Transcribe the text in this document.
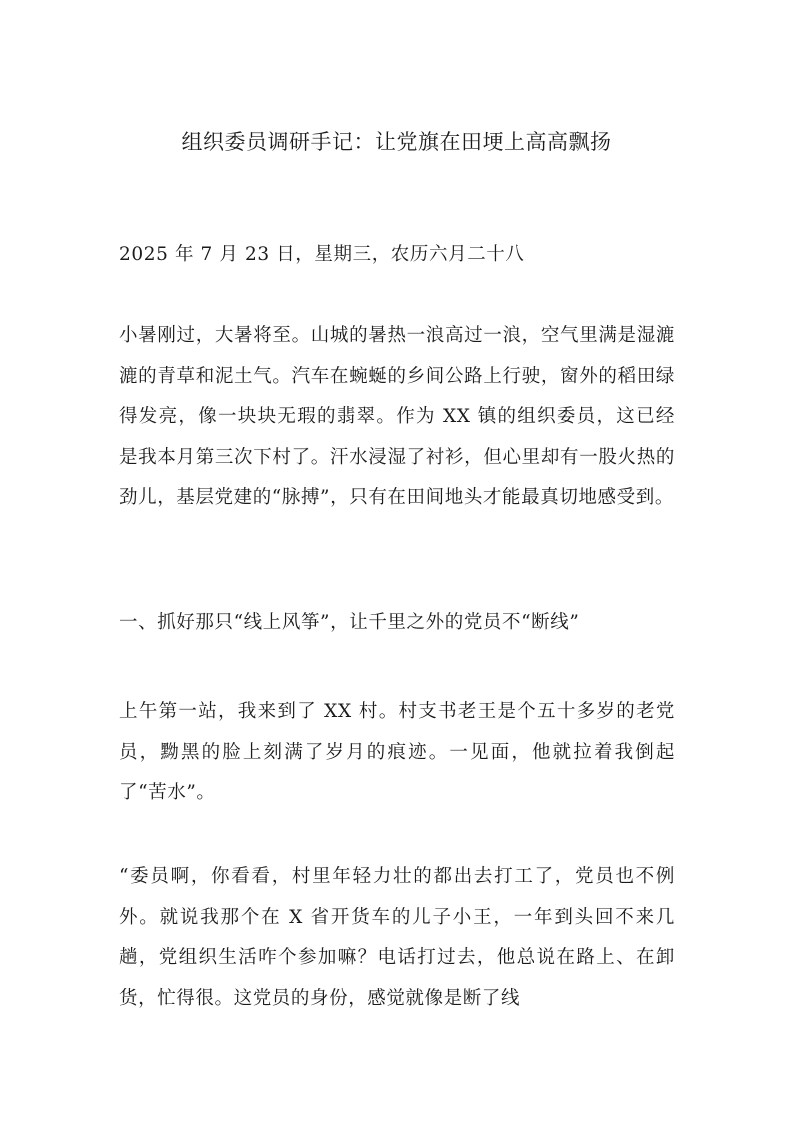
组织委员调研手记：让党旗在田埂上高高飘扬

2025 年 7 月 23 日，星期三，农历六月二十八

小暑刚过，大暑将至。山城的暑热一浪高过一浪，空气里满是湿漉漉的青草和泥土气。汽车在蜿蜒的乡间公路上行驶，窗外的稻田绿得发亮，像一块块无瑕的翡翠。作为 XX 镇的组织委员，这已经是我本月第三次下村了。汗水浸湿了衬衫，但心里却有一股火热的劲儿，基层党建的“脉搏”，只有在田间地头才能最真切地感受到。

一、抓好那只“线上风筝”，让千里之外的党员不“断线”

上午第一站，我来到了 XX 村。村支书老王是个五十多岁的老党员，黝黑的脸上刻满了岁月的痕迹。一见面，他就拉着我倒起了“苦水”。

“委员啊，你看看，村里年轻力壮的都出去打工了，党员也不例外。就说我那个在 X 省开货车的儿子小王，一年到头回不来几趟，党组织生活咋个参加嘛？电话打过去，他总说在路上、在卸货，忙得很。这党员的身份，感觉就像是断了线
